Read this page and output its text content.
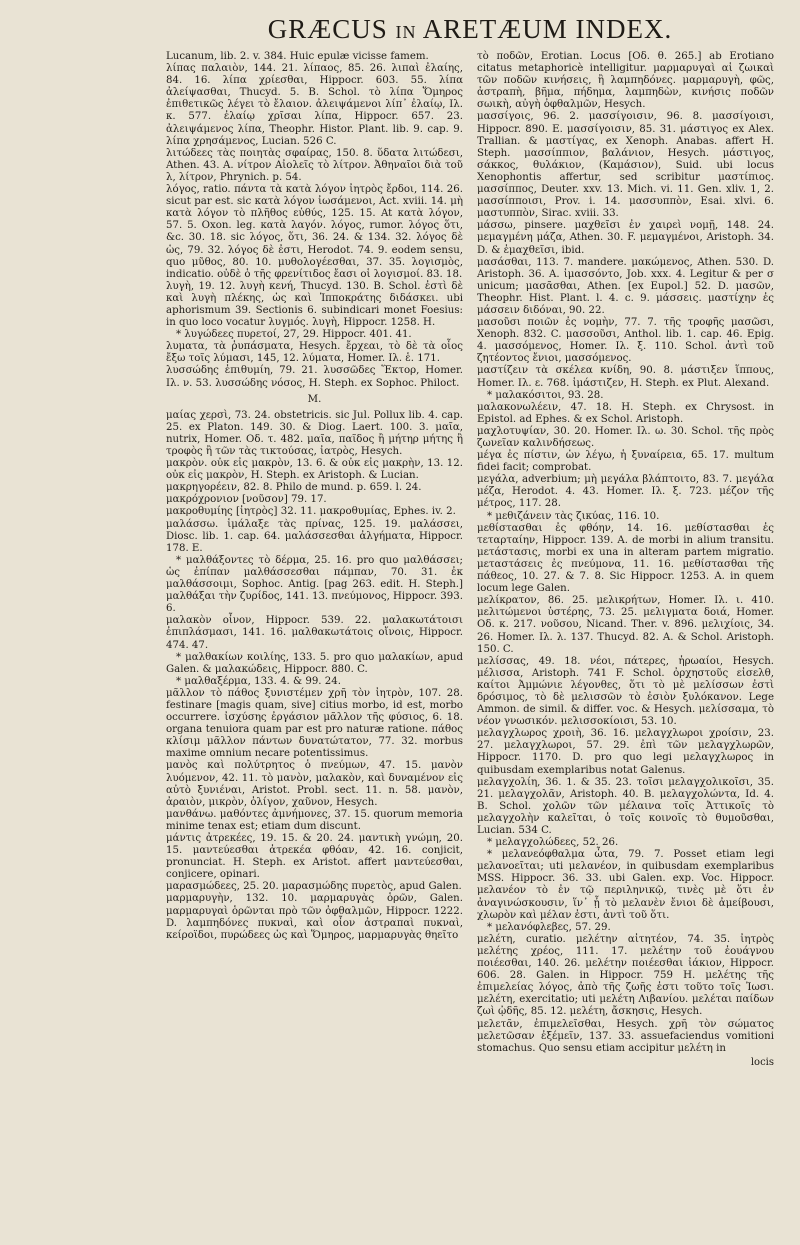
GRÆCUS IN ARETÆUM INDEX.

Lucanum, lib. 2. v. 384. Huic epulæ vicisse famem.

λίπας παλαιὸν, 144. 21. λίπαος, 85. 26. λιπαὶ ἐλαίης, 84. 16. λίπα χρίεσθαι, Hippocr. 603. 55. λίπα ἀλείψασθαι, Thucyd. 5. B. Schol. τὸ λίπα Ὅμηρος ἐπιθετικῶς λέγει τὸ ἔλαιον. ἀλειψάμενοι λίπ᾽ ἐλαίῳ, Iλ. κ. 577. ἐλαίῳ χρῖσαι λίπα, Hippocr. 657. 23. ἀλειψάμενος λίπα, Theophr. Histor. Plant. lib. 9. cap. 9. λίπα χρησάμενος, Lucian. 526 C.

λιτώδεες τὰς ποιητὰς σφαίρας, 150. 8. ὕδατα λιτώδεσι, Athen. 43. A. νίτρον Αἰολεῖς τὸ λίτρον. Ἀθηναῖοι διὰ τοῦ λ, λίτρον, Phrynich. p. 54.

λόγος, ratio. πάντα τὰ κατὰ λόγον ἰητρὸς ἔρδοι, 114. 26. sicut par est. sic κατὰ λόγον ἰωσάμενοι, Act. xviii. 14. μὴ κατὰ λόγον τὸ πλῆθος εὐθύς, 125. 15. At κατὰ λόγον, 57. 5. Oxon. leg. κατὰ λαγόν. λόγος, rumor. λόγος ὅτι, &c. 30. 18. sic λόγος, ὅτι, 36. 24. & 134. 32. λόγος δὲ ὡς, 79. 32. λόγος δὲ ἐστι, Herodot. 74. 9. eodem sensu, quo μῦθος, 80. 10. μυθολογέεσθαι, 37. 35. λογισμὸς, indicatio. οὐδὲ ὁ τῆς φρενίτιδος ἔασι οἱ λογισμοί. 83. 18.

λυγὴ, 19. 12. λυγὴ κενή, Thucyd. 130. B. Schol. ἐστὶ δὲ καὶ λυγὴ πλέκης, ὡς καὶ Ἱπποκράτης διδάσκει. ubi aphorismum 39. Sectionis 6. subindicari monet Foesius: in quo loco vocatur λυγμός. λυγὴ, Hippocr. 1258. H.

* λυγώδεες πυρετοί, 27, 29. Hippocr. 401. 41.

λυματα, τὰ ῥυπάσματα, Hesych. ἔρχεαι, τὸ δὲ τὰ οἷος ἔξω τοῖς λύμασι, 145, 12. λύματα, Homer. Iλ. ἑ. 171.

λυσσώδης ἐπιθυμίη, 79. 21. λυσσῶδες Ἕκτορ, Homer. Iλ. ν. 53. λυσσώδης νόσος, H. Steph. ex Sophoc. Philoct.

M.

μαίας χερσὶ, 73. 24. obstetricis. sic Jul. Pollux lib. 4. cap. 25. ex Platon. 149. 30. & Diog. Laert. 100. 3. μαῖα, nutrix, Homer. Οδ. τ. 482. μαῖα, παῖδος ἢ μήτηρ μήτης ἢ τροφὸς ἢ τῶν τὰς τικτούσας, ἰατρὸς, Hesych.

μακρὸν. οὐκ εἰς μακρὸν, 13. 6. & οὐκ εἰς μακρὴν, 13. 12. οὐκ εἰς μακρὸν, H. Steph. ex Aristoph. & Lucian.

μακρηγορέειν, 82. 8. Philo de mund. p. 659. l. 24.

μακρόχρονιον [νοῦσον] 79. 17.

μακροθυμίης [ἰητρὸς] 32. 11. μακροθυμίας, Ephes. iv. 2.

μαλάσσω. ἱμάλαξε τὰς πρίνας, 125. 19. μαλάσσει, Diosc. lib. 1. cap. 64. μαλάσσεσθαι ἀλγήματα, Hippocr. 178. E.

* μαλθάξοντες τὸ δέρμα, 25. 16. pro quo μαλθάσσει; ὡς ἐπίπαν μαλθάσσεσθαι πάμπαν, 70. 31. ἐκ μαλθάσσοιμι, Sophoc. Antig. [pag 263. edit. H. Steph.] μαλθάξαι τὴν ζυρίδος, 141. 13. πνεύμονος, Hippocr. 393. 6.

μαλακὸν οἶνον, Hippocr. 539. 22. μαλακωτάτοισι ἐπιπλάσμασι, 141. 16. μαλθακωτάτοις οἴνοις, Hippocr. 474. 47.

* μαλθακίων κοιλίης, 133. 5. pro quo μαλακίων, apud Galen. & μαλακώδεις, Hippocr. 880. C.

* μαλθαξέρμα, 133. 4. & 99. 24.

μᾶλλον τὸ πάθος ξυνιστέμεν χρῆ τὸν ἰητρὸν, 107. 28. festinare [magis quam, sive] citius morbo, id est, morbo occurrere. ἰσχύσης ἐργάσιον μᾶλλον τῆς φύσιος, 6. 18. organa tenuiora quam par est pro naturæ ratione. πάθος κλίσιμ μᾶλλον πάντων δυνατώτατον, 77. 32. morbus maxime omnium necare potentissimus.

μανὸς καὶ πολύτρητος ὁ πνεύμων, 47. 15. μανὸν λυόμενον, 42. 11. τὸ μανὸν, μαλακὸν, καὶ δυναμένον εἰς αὐτὸ ξυνιέναι, Aristot. Probl. sect. 11. n. 58. μανὸν, ἀραιὸν, μικρὸν, ὀλίγον, χαῦνον, Hesych.

μανθάνω. μαθόντες ἀμνήμονες, 37. 15. quorum memoria minime tenax est; etiam dum discunt.

μάντις ἀτρεκέες, 19. 15. & 20. 24. μαντικὴ γνώμη, 20. 15. μαντεύεσθαι ἀτρεκέα φθόαν, 42. 16. conjicit, pronunciat. H. Steph. ex Aristot. affert μαντεύεσθαι, conjicere, opinari.

μαρασμώδεες, 25. 20. μαρασμώδης πυρετὸς, apud Galen.

μαρμαρυγὴν, 132. 10. μαρμαρυγὰς ὁρῶν, Galen. μαρμαρυγαὶ ὁρῶνται πρὸ τῶν ὀφθαλμῶν, Hippocr. 1222. D. λαμπηδόνες πυκναὶ, καὶ οἷον ἀστραπαὶ πυκναὶ, κείροϊδοι, πυρώδεες ὡς καὶ Ὅμηρος, μαρμαρυγὰς θηεῖτο

τὸ ποδῶν, Erotian. Locus [Οδ. θ. 265.] ab Erotiano citatus metaphoricè intelligitur. μαρμαρυγαὶ αἱ ζωικαὶ τῶν ποδῶν κινήσεις, ἢ λαμπηδόνες. μαρμαρυγὴ, φῶς, ἀστραπὴ, βῆμα, πήδημα, λαμπηδὼν, κινήσις ποδῶν σωικὴ, αὐγὴ ὀφθαλμῶν, Hesych.

μασσίγοις, 96. 2. μασσίγοισιν, 96. 8. μασσίγοισι, Hippocr. 890. E. μασσίγοισιν, 85. 31. μάστιγος ex Alex. Trallian. & μαστίγας, ex Xenoph. Anabas. affert H. Steph. μασσίππιον, βαλάνιον, Hesych. μάστιγος, σάκκος, θυλάκιον, (Καμάσιον), Suid. ubi locus Xenophontis affertur, sed scribitur μαστίπιος. μασσίππος, Deuter. xxv. 13. Mich. vi. 11. Gen. xliv. 1, 2. μασσίπποισι, Prov. i. 14. μασσυππὸν, Esai. xlvi. 6. μαστυππὸν, Sirac. xviii. 33.

μάσσω, pinsere. μαχθεῖσι ἐν χαιρεὶ νομῇ, 148. 24. μεμαγμένη μάζα, Athen. 30. F. μεμαγμένοι, Aristoph. 34. D. & ἐμαχθεῖσι, ibid.

μασάσθαι, 113. 7. mandere. μακώμενος, Athen. 530. D. Aristoph. 36. A. ἱμασσόντο, Job. xxx. 4. Legitur & per σ unicum; μασᾶσθαι, Athen. [ex Eupol.] 52. D. μασῶν, Theophr. Hist. Plant. l. 4. c. 9. μάσσεις. μαστίχην ἐς μάσσειν διδόναι, 90. 22.

μασοῦσι ποιῶν ἐς νομὴν, 77. 7. τῆς τροφῆς μασῶσι, Xenoph. 832. C. μασσοῦσι, Anthol. lib. 1. cap. 46. Epig. 4. μασσόμενος, Homer. Iλ. ξ. 110. Schol. ἀντὶ τοῦ ζητέοντος ἔνιοι, μασσόμενος.

μαστίζειν τὰ σκέλεα κνίδη, 90. 8. μάστιξεν ἵππους, Homer. Iλ. ε. 768. ἱμάστιζεν, H. Steph. ex Plut. Alexand.

* μαλακόσιτοι, 93. 28.

μαλακονωλέειν, 47. 18. H. Steph. ex Chrysost. in Epistol. ad Ephes. & ex Schol. Aristoph.

μαχλοτυψίαν, 30. 20. Homer. Iλ. ω. 30. Schol. τῆς πρὸς ζωνεῖαν καλινδήσεως.

μέγα ἐς πίστιν, ὡν λέγω, ἡ ξυναίρεια, 65. 17. multum fidei facit; comprobat.

μεγάλα, adverbium; μὴ μεγάλα βλάπτοιτο, 83. 7. μεγάλα μέζα, Herodot. 4. 43. Homer. Iλ. ξ. 723. μέζον τῆς μέτρος, 117. 28.

* μεθιζάνειν τὰς ζικύας, 116. 10.

μεθίστασθαι ἐς φθόην, 14. 16. μεθίστασθαι ἐς τεταρταίην, Hippocr. 139. A. de morbi in alium transitu. μετάστασις, morbi ex una in alteram partem migratio. μεταστάσεις ἐς πνεύμονα, 11. 16. μεθίστασθαι τῆς πάθεος, 10. 27. & 7. 8. Sic Hippocr. 1253. A. in quem locum lege Galen.

μελίκρατον, 86. 25. μελικρήτων, Homer. Iλ. ι. 410. μελιτώμενοι ὑστέρης, 73. 25. μελιγματα δοιά, Homer. Οδ. κ. 217. νοῦσου, Nicand. Ther. v. 896. μελιχίοις, 34. 26. Homer. Iλ. λ. 137. Thucyd. 82. A. & Schol. Aristoph. 150. C.

μελίσσας, 49. 18. νέοι, πάτερες, ἡρωαίοι, Hesych. μέλισσα, Aristoph. 741 F. Schol. ὀρχηστοῦς εἰσελθ, καίτοι Ἀμμώνιε λέγονθες, ὅτι τὸ μὲ μελίσσων ἐστὶ δρόσιμος, τὸ δὲ μελισσῶν τὸ ἐσιὸν ξυλόκανον. Lege Ammon. de simil. & differ. voc. & Hesych. μελίσσαμα, τὸ νέον γνωσικόν. μελισσοκίοισι, 53. 10.

μελαγχλωρος χροιὴ, 36. 16. μελαγχλωροι χροίσιν, 23. 27. μελαγχλωροι, 57. 29. ἐπὶ τῶν μελαγχλωρῶν, Hippocr. 1170. D. pro quo legi μελαγχλωρος in quibusdam exemplaribus notat Galenus.

μελαγχολίη, 36. 1. & 35. 23. τοῖσι μελαγχολικοῖσι, 35. 21. μελαγχολᾶν, Aristoph. 40. B. μελαγχολώντα, Id. 4. B. Schol. χολῶν τῶν μέλαινα τοῖς Ἀττικοῖς τὸ μελαγχολὴν καλεῖται, ὁ τοῖς κοινοῖς τὸ θυμοῦσθαι, Lucian. 534 C.

* μελαγχολώδεες, 52. 26.

* μελανεόφθαλμα ὦτα, 79. 7. Posset etiam legi μελανοεῖται; uti μελανέον, in quibusdam exemplaribus MSS. Hippocr. 36. 33. ubi Galen. exp. Voc. Hippocr. μελανέον τὸ ἐν τῷ περιληνικῷ, τινὲς μὲ ὅτι ἐν ἀναγινώσκουσιν, ἵν᾽ ᾖ τὸ μελανὲν ἔνιοι δὲ ἀμείβουσι, χλωρὸν καὶ μέλαν ἐστι, ἀντὶ τοῦ ὅτι.

* μελανόφλεβες, 57. 29.

μελέτη, curatio. μελέτην αἰτητέον, 74. 35. ἰητρὸς μελέτης χρέος, 111. 17. μελέτην τοῦ ἐουάγνου ποιέεσθαι, 140. 26. μελέτην ποιέεσθαι ἰάκιον, Hippocr. 606. 28. Galen. in Hippocr. 759 H. μελέτης τῆς ἐπιμελείας λόγος, ἀπὸ τῆς ζωῆς ἐστι τοῦτο τοῖς Ἰωσι. μελέτη, exercitatio; uti μελέτη Λιβανίου. μελέται παίδων ζωὶ ᾠδῆς, 85. 12. μελέτη, ἄσκησις, Hesych.

μελετᾶν, ἐπιμελεῖσθαι, Hesych. χρῆ τὸν σώματος μελετῶσαν ἐξέμεῖν, 137. 33. assuefaciendus vomitioni stomachus. Quo sensu etiam accipitur μελέτη in

locis
